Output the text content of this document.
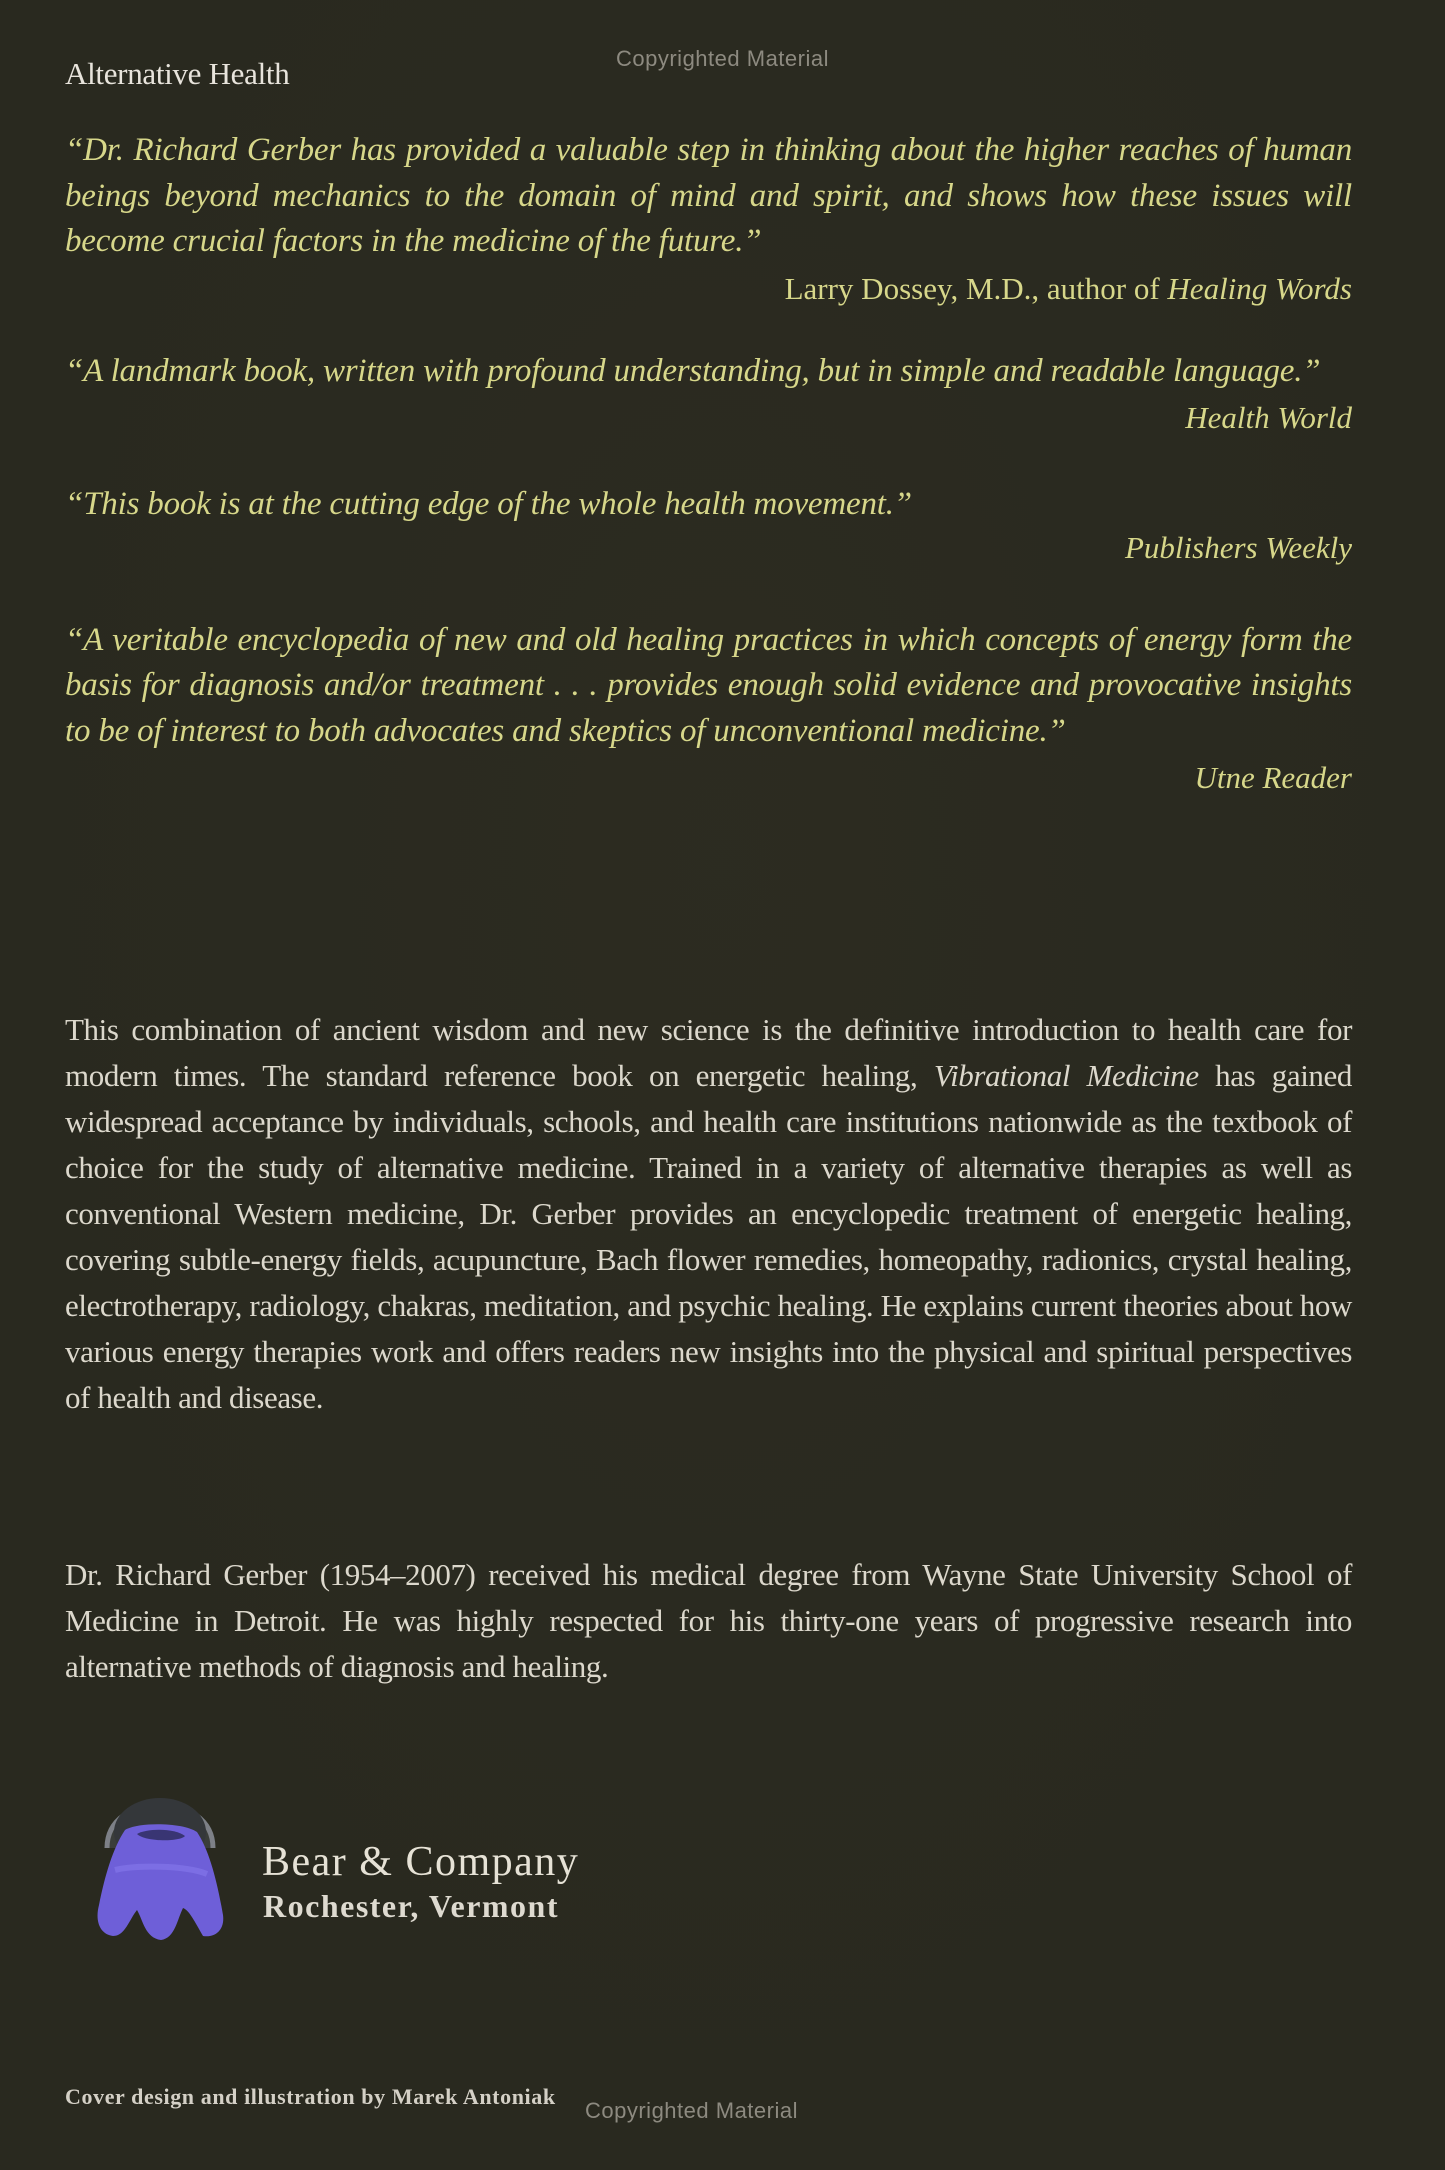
Copyrighted Material
Alternative Health
“Dr. Richard Gerber has provided a valuable step in thinking about the higher reaches of human beings beyond mechanics to the domain of mind and spirit, and shows how these issues will become crucial factors in the medicine of the future.”
Larry Dossey, M.D., author of Healing Words
“A landmark book, written with profound understanding, but in simple and readable language.”
Health World
“This book is at the cutting edge of the whole health movement.”
Publishers Weekly
“A veritable encyclopedia of new and old healing practices in which concepts of energy form the basis for diagnosis and/or treatment . . . provides enough solid evidence and provocative insights to be of interest to both advocates and skeptics of unconventional medicine.”
Utne Reader

This combination of ancient wisdom and new science is the definitive introduction to health care for modern times. The standard reference book on energetic healing, Vibrational Medicine has gained widespread acceptance by individuals, schools, and health care institutions nationwide as the textbook of choice for the study of alternative medicine. Trained in a variety of alternative therapies as well as conventional Western medicine, Dr. Gerber provides an encyclopedic treatment of energetic healing, covering subtle-energy fields, acupuncture, Bach flower remedies, homeopathy, radionics, crystal healing, electrotherapy, radiology, chakras, meditation, and psychic healing. He explains current theories about how various energy therapies work and offers readers new insights into the physical and spiritual perspectives of health and disease.

Dr. Richard Gerber (1954–2007) received his medical degree from Wayne State University School of Medicine in Detroit. He was highly respected for his thirty-one years of progressive research into alternative methods of diagnosis and healing.

Bear & Company
Rochester, Vermont
Cover design and illustration by Marek Antoniak
Copyrighted Material
